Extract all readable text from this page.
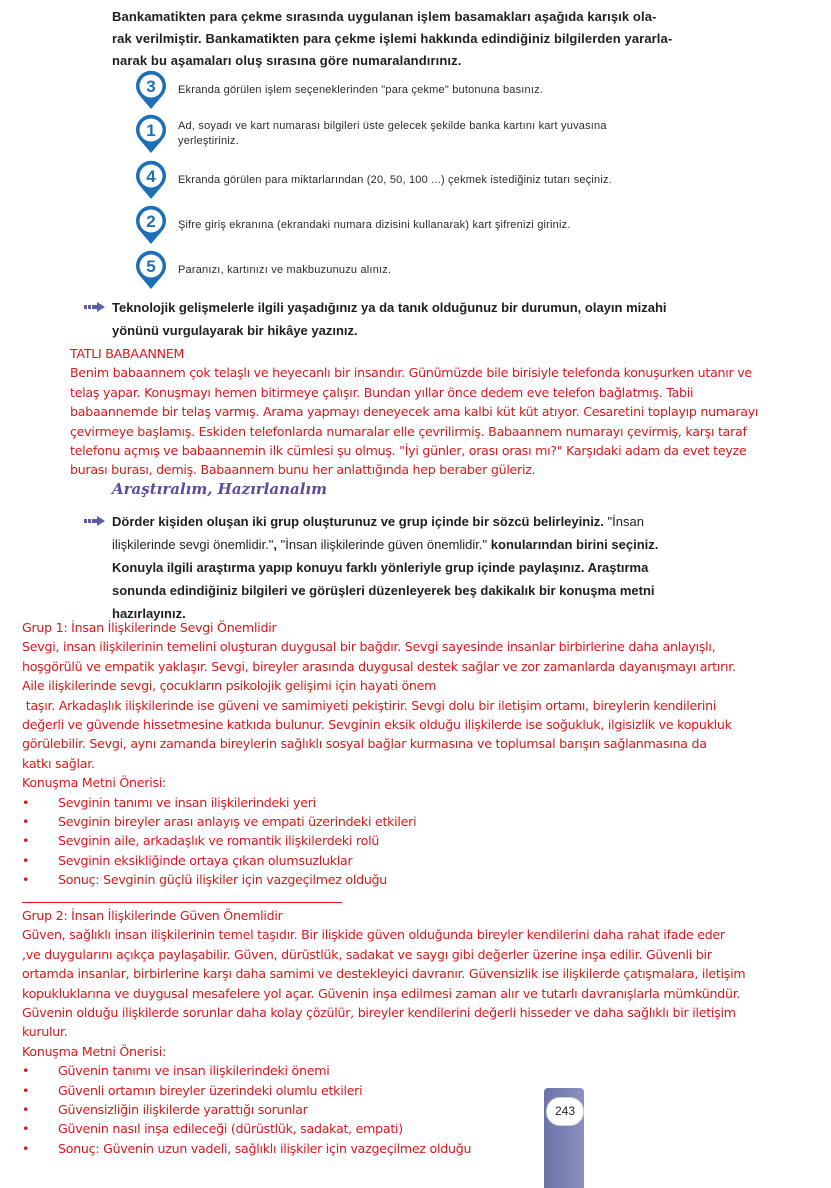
Bankamatikten para çekme sırasında uygulanan işlem basamakları aşağıda karışık ola-
rak verilmiştir. Bankamatikten para çekme işlemi hakkında edindiğiniz bilgilerden yararla-
narak bu aşamaları oluş sırasına göre numaralandırınız.
3 Ekranda görülen işlem seçeneklerinden "para çekme" butonuna basınız.
1 Ad, soyadı ve kart numarası bilgileri üste gelecek şekilde banka kartını kart yuvasına
yerleştiriniz.
4 Ekranda görülen para miktarlarından (20, 50, 100 ...) çekmek istediğiniz tutarı seçiniz.
2 Şifre giriş ekranına (ekrandaki numara dizisini kullanarak) kart şifrenizi giriniz.
5 Paranızı, kartınızı ve makbuzunuzu alınız.
Teknolojik gelişmelerle ilgili yaşadığınız ya da tanık olduğunuz bir durumun, olayın mizahi
yönünü vurgulayarak bir hikâye yazınız.
TATLI BABAANNEM
Benim babaannem çok telaşlı ve heyecanlı bir insandır. Günümüzde bile birisiyle telefonda konuşurken utanır ve
telaş yapar. Konuşmayı hemen bitirmeye çalışır. Bundan yıllar önce dedem eve telefon bağlatmış. Tabii
babaannemde bir telaş varmış. Arama yapmayı deneyecek ama kalbi küt küt atıyor. Cesaretini toplayıp numarayı
çevirmeye başlamış. Eskiden telefonlarda numaralar elle çevrilirmiş. Babaannem numarayı çevirmiş, karşı taraf
telefonu açmış ve babaannemin ilk cümlesi şu olmuş. "İyi günler, orası orası mı?" Karşıdaki adam da evet teyze
burası burası, demiş. Babaannem bunu her anlattığında hep beraber güleriz.
Araştıralım, Hazırlanalım
Dörder kişiden oluşan iki grup oluşturunuz ve grup içinde bir sözcü belirleyiniz. "İnsan
ilişkilerinde sevgi önemlidir.", "İnsan ilişkilerinde güven önemlidir." konularından birini seçiniz.
Konuyla ilgili araştırma yapıp konuyu farklı yönleriyle grup içinde paylaşınız. Araştırma
sonunda edindiğiniz bilgileri ve görüşleri düzenleyerek beş dakikalık bir konuşma metni
hazırlayınız.
Grup 1: İnsan İlişkilerinde Sevgi Önemlidir
Sevgi, insan ilişkilerinin temelini oluşturan duygusal bir bağdır. Sevgi sayesinde insanlar birbirlerine daha anlayışlı,
hoşgörülü ve empatik yaklaşır. Sevgi, bireyler arasında duygusal destek sağlar ve zor zamanlarda dayanışmayı artırır.
Aile ilişkilerinde sevgi, çocukların psikolojik gelişimi için hayati önem
taşır. Arkadaşlık ilişkilerinde ise güveni ve samimiyeti pekiştirir. Sevgi dolu bir iletişim ortamı, bireylerin kendilerini
değerli ve güvende hissetmesine katkıda bulunur. Sevginin eksik olduğu ilişkilerde ise soğukluk, ilgisizlik ve kopukluk
görülebilir. Sevgi, aynı zamanda bireylerin sağlıklı sosyal bağlar kurmasına ve toplumsal barışın sağlanmasına da
katkı sağlar.
Konuşma Metni Önerisi:
•	Sevginin tanımı ve insan ilişkilerindeki yeri
•	Sevginin bireyler arası anlayış ve empati üzerindeki etkileri
•	Sevginin aile, arkadaşlık ve romantik ilişkilerdeki rolü
•	Sevginin eksikliğinde ortaya çıkan olumsuzluklar
•	Sonuç: Sevginin güçlü ilişkiler için vazgeçilmez olduğu
Grup 2: İnsan İlişkilerinde Güven Önemlidir
Güven, sağlıklı insan ilişkilerinin temel taşıdır. Bir ilişkide güven olduğunda bireyler kendilerini daha rahat ifade eder
,ve duygularını açıkça paylaşabilir. Güven, dürüstlük, sadakat ve saygı gibi değerler üzerine inşa edilir. Güvenli bir
ortamda insanlar, birbirlerine karşı daha samimi ve destekleyici davranır. Güvensizlik ise ilişkilerde çatışmalara, iletişim
kopukluklarına ve duygusal mesafelere yol açar. Güvenin inşa edilmesi zaman alır ve tutarlı davranışlarla mümkündür.
Güvenin olduğu ilişkilerde sorunlar daha kolay çözülür, bireyler kendilerini değerli hisseder ve daha sağlıklı bir iletişim
kurulur.
Konuşma Metni Önerisi:
•	Güvenin tanımı ve insan ilişkilerindeki önemi
•	Güvenli ortamın bireyler üzerindeki olumlu etkileri
•	Güvensizliğin ilişkilerde yarattığı sorunlar
•	Güvenin nasıl inşa edileceği (dürüstlük, sadakat, empati)
•	Sonuç: Güvenin uzun vadeli, sağlıklı ilişkiler için vazgeçilmez olduğu
243
